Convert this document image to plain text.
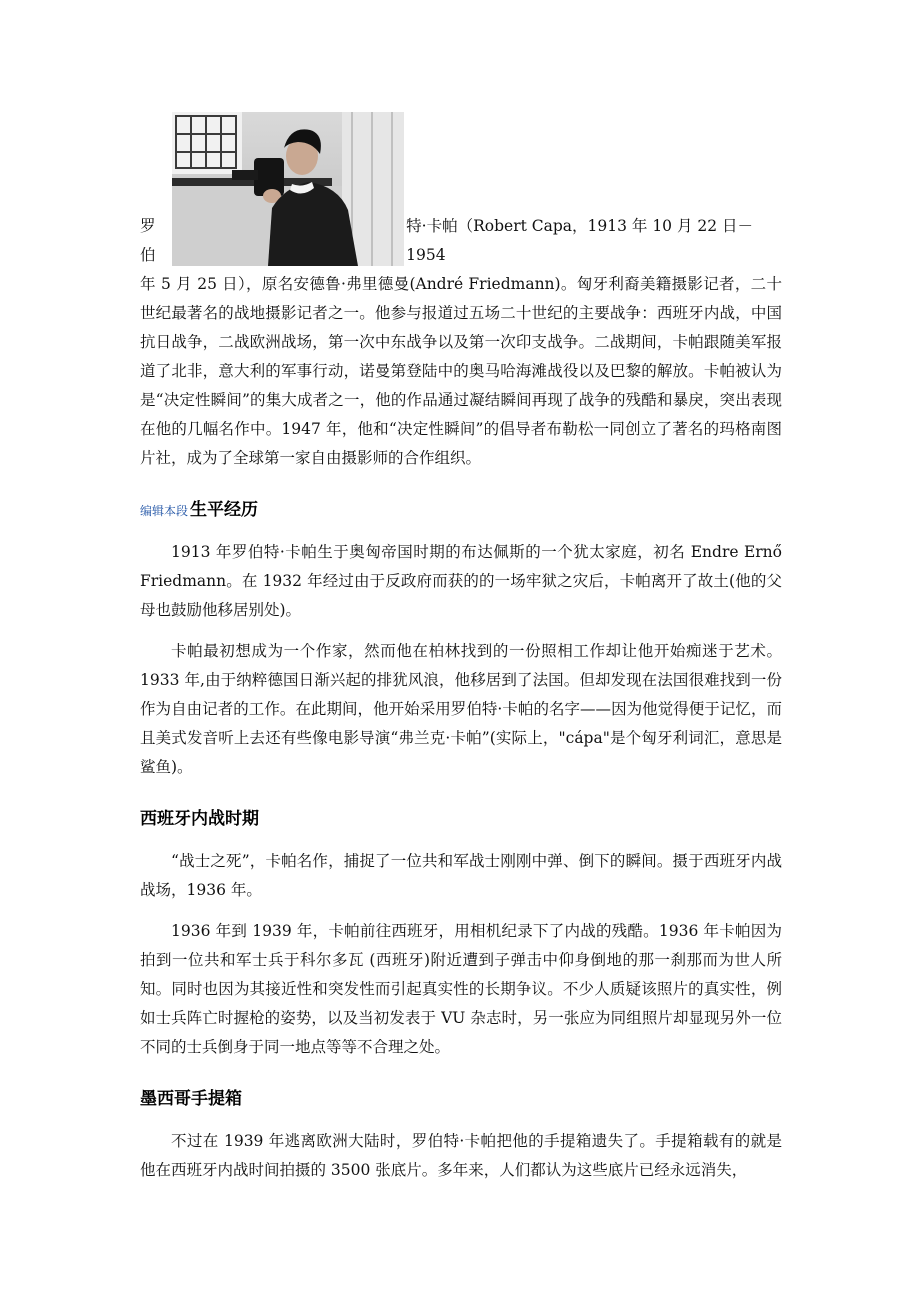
罗伯
特·卡帕（Robert Capa，1913 年 10 月 22 日－1954

年 5 月 25 日），原名安德鲁·弗里德曼(André Friedmann)。匈牙利裔美籍摄影记者，二十世纪最著名的战地摄影记者之一。他参与报道过五场二十世纪的主要战争：西班牙内战，中国抗日战争，二战欧洲战场，第一次中东战争以及第一次印支战争。二战期间，卡帕跟随美军报道了北非，意大利的军事行动，诺曼第登陆中的奥马哈海滩战役以及巴黎的解放。卡帕被认为是“决定性瞬间”的集大成者之一，他的作品通过凝结瞬间再现了战争的残酷和暴戾，突出表现在他的几幅名作中。1947 年，他和“决定性瞬间”的倡导者布勒松一同创立了著名的玛格南图片社，成为了全球第一家自由摄影师的合作组织。

编辑本段 生平经历

1913 年罗伯特·卡帕生于奥匈帝国时期的布达佩斯的一个犹太家庭，初名 Endre Ernő Friedmann。在 1932 年经过由于反政府而获的的一场牢狱之灾后，卡帕离开了故土(他的父母也鼓励他移居别处)。

卡帕最初想成为一个作家，然而他在柏林找到的一份照相工作却让他开始痴迷于艺术。1933 年,由于纳粹德国日渐兴起的排犹风浪，他移居到了法国。但却发现在法国很难找到一份作为自由记者的工作。在此期间，他开始采用罗伯特·卡帕的名字——因为他觉得便于记忆，而且美式发音听上去还有些像电影导演“弗兰克·卡帕”(实际上，"cápa"是个匈牙利词汇，意思是鲨鱼)。

西班牙内战时期

“战士之死”，卡帕名作，捕捉了一位共和军战士刚刚中弹、倒下的瞬间。摄于西班牙内战战场，1936 年。

1936 年到 1939 年，卡帕前往西班牙，用相机纪录下了内战的残酷。1936 年卡帕因为拍到一位共和军士兵于科尔多瓦 (西班牙)附近遭到子弹击中仰身倒地的那一刹那而为世人所知。同时也因为其接近性和突发性而引起真实性的长期争议。不少人质疑该照片的真实性，例如士兵阵亡时握枪的姿势，以及当初发表于 VU 杂志时，另一张应为同组照片却显现另外一位不同的士兵倒身于同一地点等等不合理之处。

墨西哥手提箱

不过在 1939 年逃离欧洲大陆时，罗伯特·卡帕把他的手提箱遗失了。手提箱载有的就是他在西班牙内战时间拍摄的 3500 张底片。多年来，人们都认为这些底片已经永远消失，
